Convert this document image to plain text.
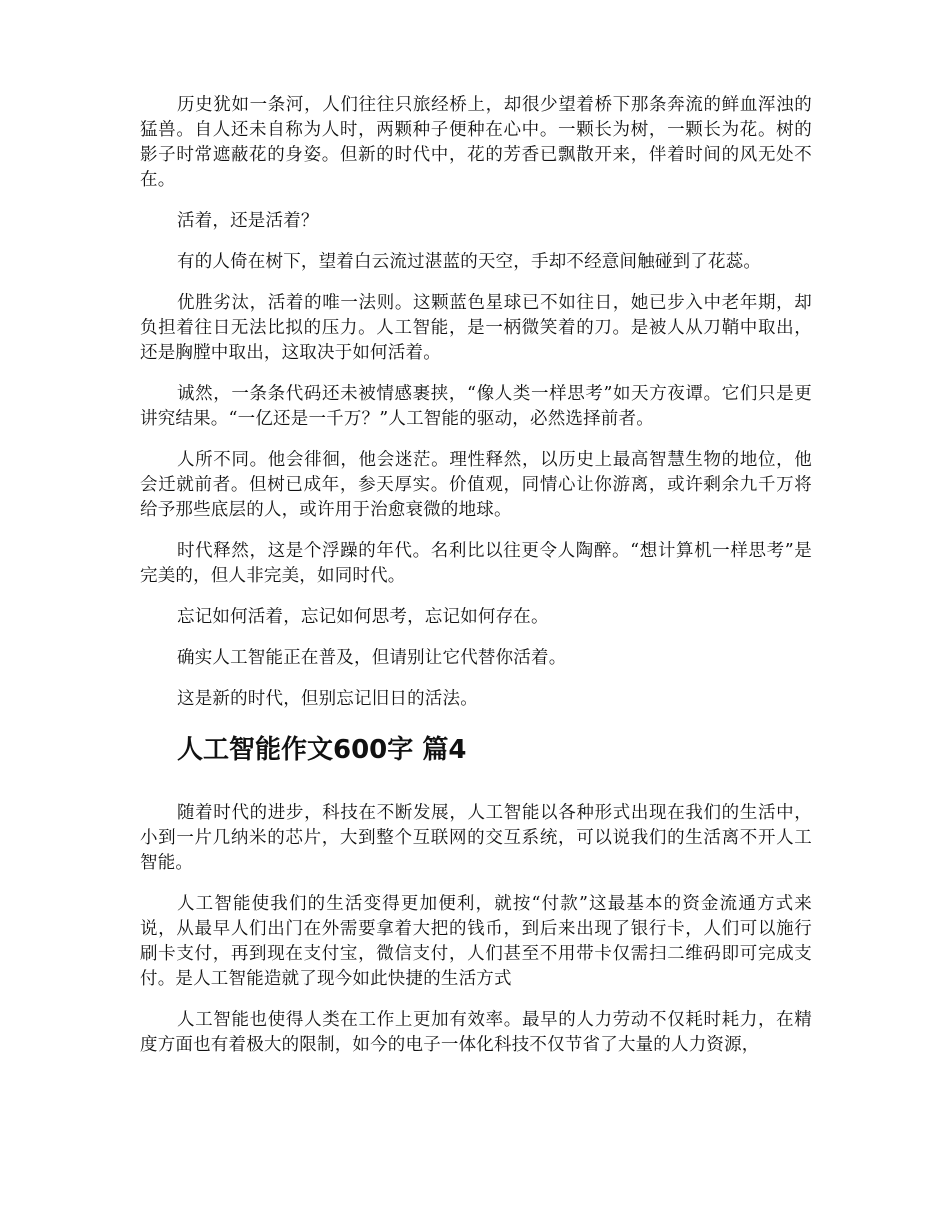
历史犹如一条河，人们往往只旅经桥上，却很少望着桥下那条奔流的鲜血浑浊的猛兽。自人还未自称为人时，两颗种子便种在心中。一颗长为树，一颗长为花。树的影子时常遮蔽花的身姿。但新的时代中，花的芳香已飘散开来，伴着时间的风无处不在。

活着，还是活着？

有的人倚在树下，望着白云流过湛蓝的天空，手却不经意间触碰到了花蕊。

优胜劣汰，活着的唯一法则。这颗蓝色星球已不如往日，她已步入中老年期，却负担着往日无法比拟的压力。人工智能，是一柄微笑着的刀。是被人从刀鞘中取出，还是胸膛中取出，这取决于如何活着。

诚然，一条条代码还未被情感裹挟，“像人类一样思考”如天方夜谭。它们只是更讲究结果。“一亿还是一千万？”人工智能的驱动，必然选择前者。

人所不同。他会徘徊，他会迷茫。理性释然，以历史上最高智慧生物的地位，他会迁就前者。但树已成年，参天厚实。价值观，同情心让你游离，或许剩余九千万将给予那些底层的人，或许用于治愈衰微的地球。

时代释然，这是个浮躁的年代。名利比以往更令人陶醉。“想计算机一样思考”是完美的，但人非完美，如同时代。

忘记如何活着，忘记如何思考，忘记如何存在。

确实人工智能正在普及，但请别让它代替你活着。

这是新的时代，但别忘记旧日的活法。

人工智能作文600字 篇4

随着时代的进步，科技在不断发展，人工智能以各种形式出现在我们的生活中，小到一片几纳米的芯片，大到整个互联网的交互系统，可以说我们的生活离不开人工智能。

人工智能使我们的生活变得更加便利，就按“付款”这最基本的资金流通方式来说，从最早人们出门在外需要拿着大把的钱币，到后来出现了银行卡，人们可以施行刷卡支付，再到现在支付宝，微信支付，人们甚至不用带卡仅需扫二维码即可完成支付。是人工智能造就了现今如此快捷的生活方式

人工智能也使得人类在工作上更加有效率。最早的人力劳动不仅耗时耗力，在精度方面也有着极大的限制，如今的电子一体化科技不仅节省了大量的人力资源，
